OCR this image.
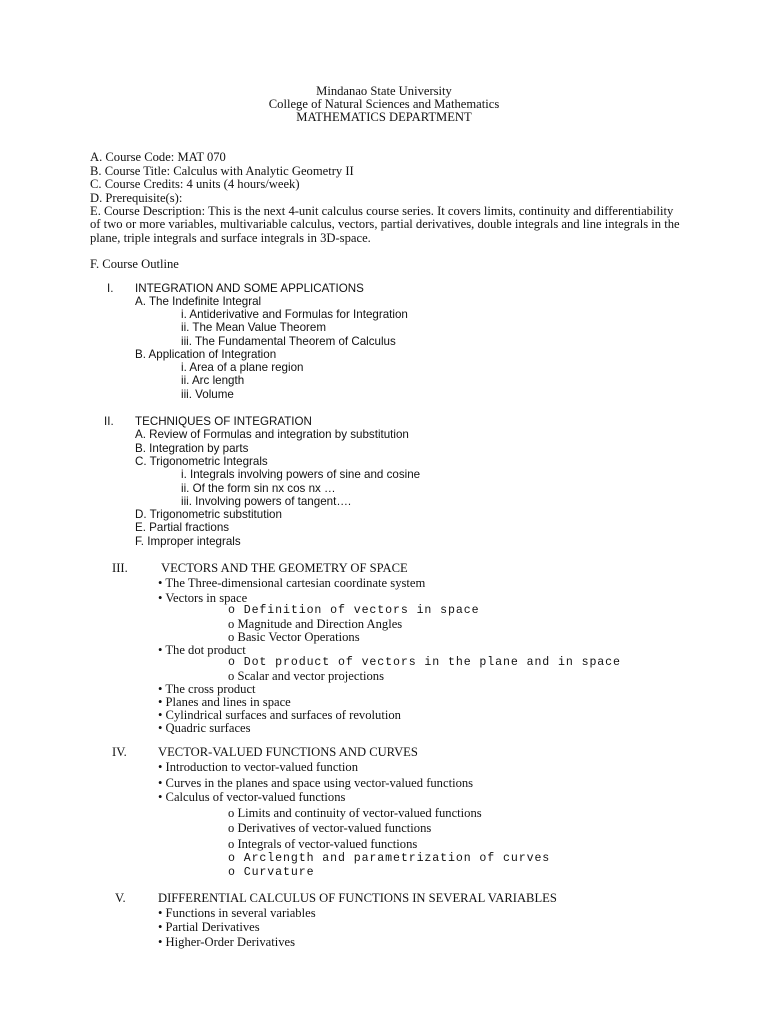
Mindanao State University
College of Natural Sciences and Mathematics
MATHEMATICS DEPARTMENT
A. Course Code: MAT 070
B. Course Title: Calculus with Analytic Geometry II
C. Course Credits: 4 units (4 hours/week)
D. Prerequisite(s):
E. Course Description: This is the next 4-unit calculus course series. It covers limits, continuity and differentiability of two or more variables, multivariable calculus, vectors, partial derivatives, double integrals and line integrals in the plane, triple integrals and surface integrals in 3D-space.
F. Course Outline
I. INTEGRATION AND SOME APPLICATIONS
A. The Indefinite Integral
i. Antiderivative and Formulas for Integration
ii. The Mean Value Theorem
iii. The Fundamental Theorem of Calculus
B. Application of Integration
i. Area of a plane region
ii. Arc length
iii. Volume
II. TECHNIQUES OF INTEGRATION
A. Review of Formulas and integration by substitution
B. Integration by parts
C. Trigonometric Integrals
i. Integrals involving powers of sine and cosine
ii. Of the form sin nx cos nx …
iii. Involving powers of tangent….
D. Trigonometric substitution
E. Partial fractions
F. Improper integrals
III.	VECTORS AND THE GEOMETRY OF SPACE
• The Three-dimensional cartesian coordinate system
• Vectors in space
o Definition of vectors in space
o Magnitude and Direction Angles
o Basic Vector Operations
• The dot product
o Dot product of vectors in the plane and in space
o Scalar and vector projections
• The cross product
• Planes and lines in space
• Cylindrical surfaces and surfaces of revolution
• Quadric surfaces
IV. VECTOR-VALUED FUNCTIONS AND CURVES
• Introduction to vector-valued function
• Curves in the planes and space using vector-valued functions
• Calculus of vector-valued functions
o Limits and continuity of vector-valued functions
o Derivatives of vector-valued functions
o Integrals of vector-valued functions
o Arclength and parametrization of curves
o Curvature
V.	DIFFERENTIAL CALCULUS OF FUNCTIONS IN SEVERAL VARIABLES
• Functions in several variables
• Partial Derivatives
• Higher-Order Derivatives
